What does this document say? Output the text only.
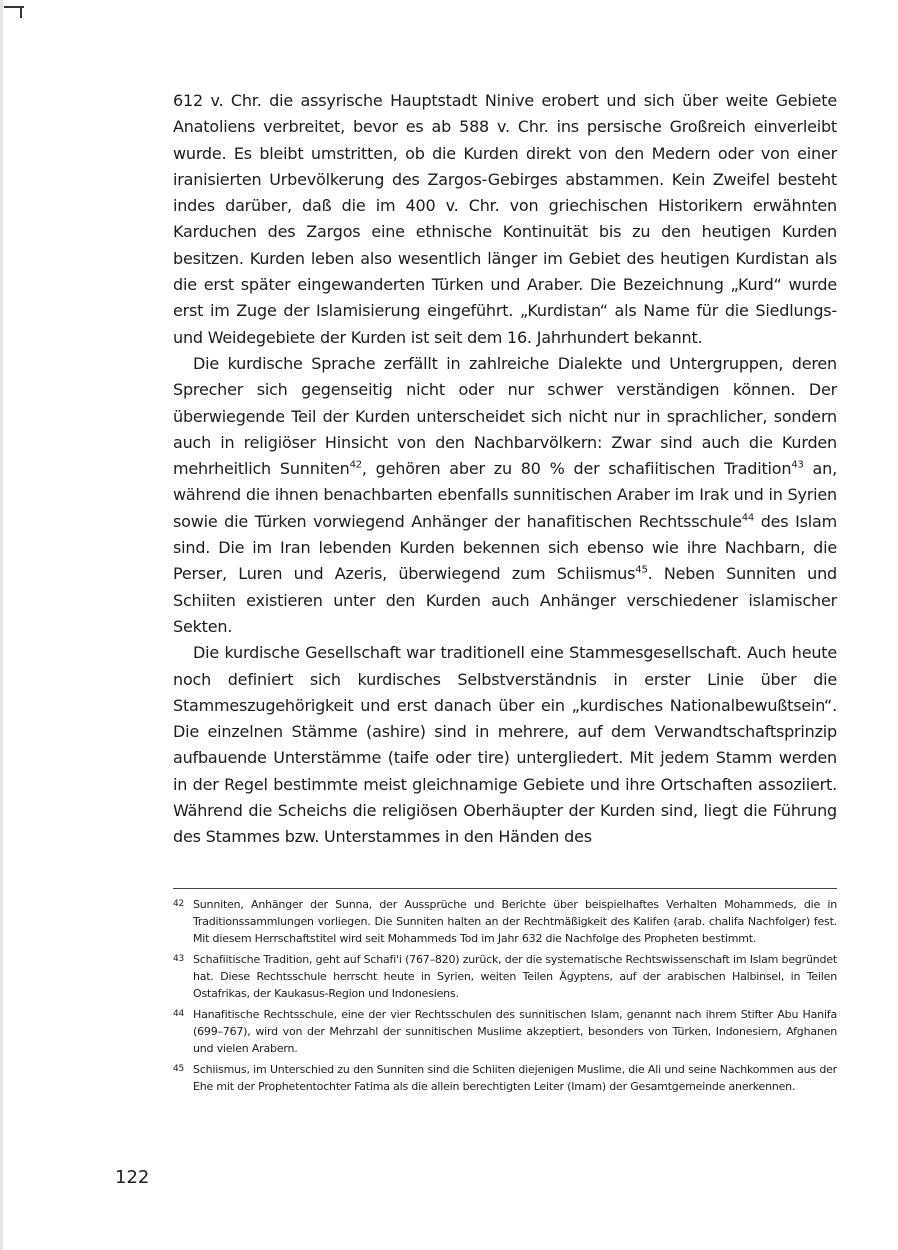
612 v. Chr. die assyrische Hauptstadt Ninive erobert und sich über weite Gebiete Anatoliens verbreitet, bevor es ab 588 v. Chr. ins persische Großreich einverleibt wurde. Es bleibt umstritten, ob die Kurden direkt von den Medern oder von einer iranisierten Urbevölkerung des Zargos-Gebirges abstammen. Kein Zweifel besteht indes darüber, daß die im 400 v. Chr. von griechischen Historikern erwähnten Karduchen des Zargos eine ethnische Kontinuität bis zu den heutigen Kurden besitzen. Kurden leben also wesentlich länger im Gebiet des heutigen Kurdistan als die erst später eingewanderten Türken und Araber. Die Bezeichnung „Kurd“ wurde erst im Zuge der Islamisierung eingeführt. „Kurdistan“ als Name für die Siedlungs- und Weidegebiete der Kurden ist seit dem 16. Jahrhundert bekannt.

Die kurdische Sprache zerfällt in zahlreiche Dialekte und Untergruppen, deren Sprecher sich gegenseitig nicht oder nur schwer verständigen können. Der überwiegende Teil der Kurden unterscheidet sich nicht nur in sprachlicher, sondern auch in religiöser Hinsicht von den Nachbarvölkern: Zwar sind auch die Kurden mehrheitlich Sunniten$^{42}$, gehören aber zu 80 % der schafiitischen Tradition$^{43}$ an, während die ihnen benachbarten ebenfalls sunnitischen Araber im Irak und in Syrien sowie die Türken vorwiegend Anhänger der hanafitischen Rechtsschule$^{44}$ des Islam sind. Die im Iran lebenden Kurden bekennen sich ebenso wie ihre Nachbarn, die Perser, Luren und Azeris, überwiegend zum Schiismus$^{45}$. Neben Sunniten und Schiiten existieren unter den Kurden auch Anhänger verschiedener islamischer Sekten.

Die kurdische Gesellschaft war traditionell eine Stammesgesellschaft. Auch heute noch definiert sich kurdisches Selbstverständnis in erster Linie über die Stammeszugehörigkeit und erst danach über ein „kurdisches Nationalbewußtsein“. Die einzelnen Stämme (ashire) sind in mehrere, auf dem Verwandtschaftsprinzip aufbauende Unterstämme (taife oder tire) untergliedert. Mit jedem Stamm werden in der Regel bestimmte meist gleichnamige Gebiete und ihre Ortschaften assoziiert. Während die Scheichs die religiösen Oberhäupter der Kurden sind, liegt die Führung des Stammes bzw. Unterstammes in den Händen des

42 Sunniten, Anhänger der Sunna, der Aussprüche und Berichte über beispielhaftes Verhalten Mohammeds, die in Traditionssammlungen vorliegen. Die Sunniten halten an der Rechtmäßigkeit des Kalifen (arab. chalifa Nachfolger) fest. Mit diesem Herrschaftstitel wird seit Mohammeds Tod im Jahr 632 die Nachfolge des Propheten bestimmt.

43 Schafiitische Tradition, geht auf Schafi'i (767–820) zurück, der die systematische Rechtswissenschaft im Islam begründet hat. Diese Rechtsschule herrscht heute in Syrien, weiten Teilen Ägyptens, auf der arabischen Halbinsel, in Teilen Ostafrikas, der Kaukasus-Region und Indonesiens.

44 Hanafitische Rechtsschule, eine der vier Rechtsschulen des sunnitischen Islam, genannt nach ihrem Stifter Abu Hanifa (699–767), wird von der Mehrzahl der sunnitischen Muslime akzeptiert, besonders von Türken, Indonesiern, Afghanen und vielen Arabern.

45 Schiismus, im Unterschied zu den Sunniten sind die Schiiten diejenigen Muslime, die Ali und seine Nachkommen aus der Ehe mit der Prophetentochter Fatima als die allein berechtigten Leiter (Imam) der Gesamtgemeinde anerkennen.

122
